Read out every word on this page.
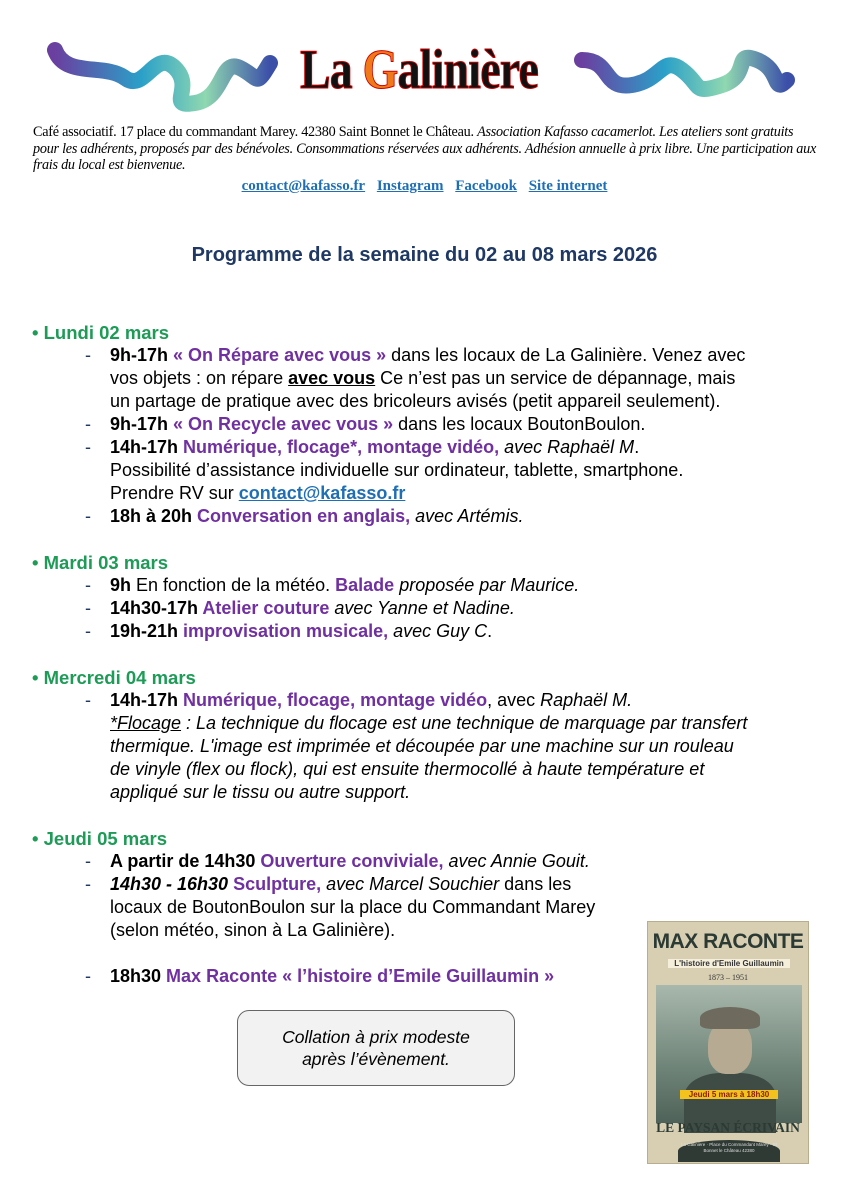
La Galinière
Café associatif. 17 place du commandant Marey. 42380 Saint Bonnet le Château. Association Kafasso cacamerlot. Les ateliers sont gratuits pour les adhérents, proposés par des bénévoles. Consommations réservées aux adhérents. Adhésion annuelle à prix libre. Une participation aux frais du local est bienvenue.
contact@kafasso.fr Instagram Facebook Site internet
Programme de la semaine du 02 au 08 mars 2026
• Lundi 02 mars
- 9h-17h « On Répare avec vous » dans les locaux de La Galinière. Venez avec
vos objets : on répare avec vous Ce n’est pas un service de dépannage, mais
un partage de pratique avec des bricoleurs avisés (petit appareil seulement).
- 9h-17h « On Recycle avec vous » dans les locaux BoutonBoulon.
- 14h-17h Numérique, flocage*, montage vidéo, avec Raphaël M.
Possibilité d’assistance individuelle sur ordinateur, tablette, smartphone.
Prendre RV sur contact@kafasso.fr
- 18h à 20h Conversation en anglais, avec Artémis.
• Mardi 03 mars
- 9h En fonction de la météo. Balade proposée par Maurice.
- 14h30-17h Atelier couture avec Yanne et Nadine.
- 19h-21h improvisation musicale, avec Guy C.
• Mercredi 04 mars
- 14h-17h Numérique, flocage, montage vidéo, avec Raphaël M.
*Flocage : La technique du flocage est une technique de marquage par transfert
thermique. L'image est imprimée et découpée par une machine sur un rouleau
de vinyle (flex ou flock), qui est ensuite thermocollé à haute température et
appliqué sur le tissu ou autre support.
• Jeudi 05 mars
- A partir de 14h30 Ouverture conviviale, avec Annie Gouit.
- 14h30 - 16h30 Sculpture, avec Marcel Souchier dans les
locaux de BoutonBoulon sur la place du Commandant Marey
(selon météo, sinon à La Galinière).
- 18h30 Max Raconte « l’histoire d’Emile Guillaumin »
Collation à prix modeste
après l’évènement.
MAX RACONTE
L'histoire d'Emile Guillaumin
1873 – 1951
Jeudi 5 mars à 18h30
LE PAYSAN ÉCRIVAIN
La Galinière · Place du Commandant Marey · St Bonnet le Château 42380
